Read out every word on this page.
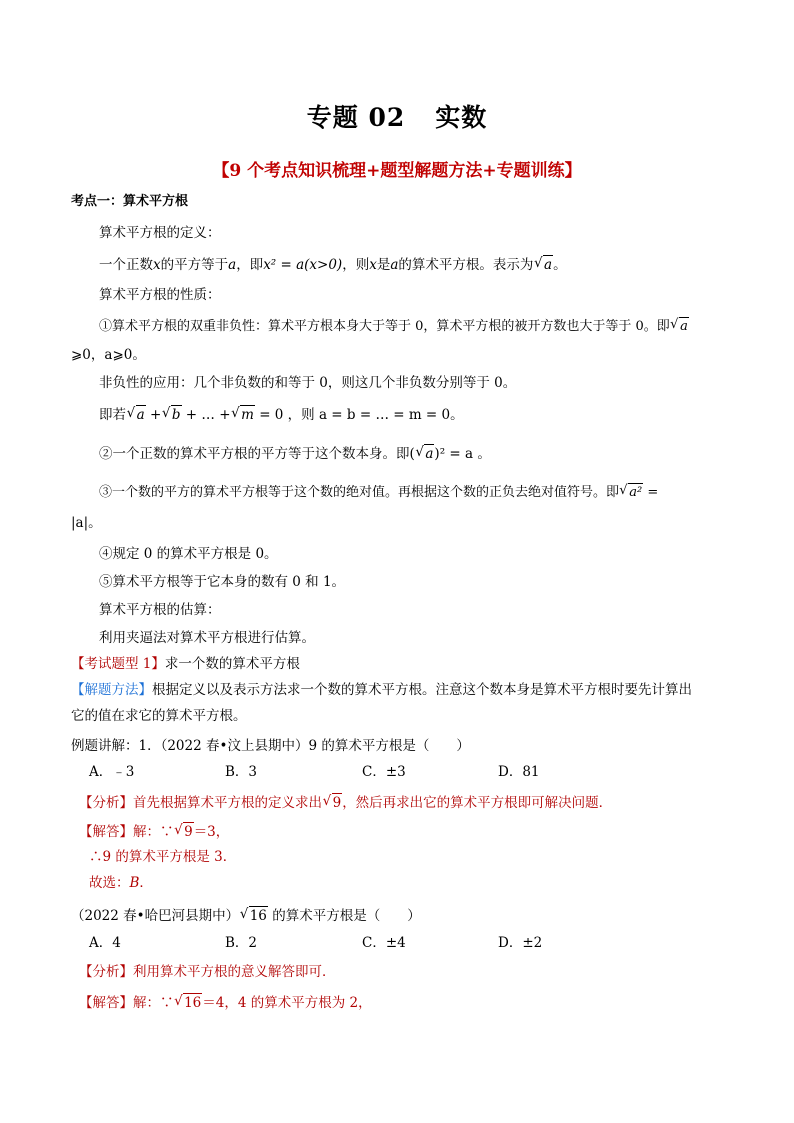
专题 02 实数
【9 个考点知识梳理+题型解题方法+专题训练】
考点一：算术平方根
算术平方根的定义：
一个正数x的平方等于a，即x² = a(x>0)，则x是a的算术平方根。表示为 √ a。
算术平方根的性质：
①算术平方根的双重非负性：算术平方根本身大于等于 0，算术平方根的被开方数也大于等于 0。即 √ a
⩾0，a⩾0。
非负性的应用：几个非负数的和等于 0，则这几个非负数分别等于 0。
即若 √ a +  √ b + … +  √ m = 0 ，则 a = b = … = m = 0。
②一个正数的算术平方根的平方等于这个数本身。即(  √ a)² = a 。
③一个数的平方的算术平方根等于这个数的绝对值。再根据这个数的正负去绝对值符号。即 √ a² =
|a|。
④规定 0 的算术平方根是 0。
⑤算术平方根等于它本身的数有 0 和 1。
算术平方根的估算：
利用夹逼法对算术平方根进行估算。
【考试题型 1】求一个数的算术平方根
【解题方法】根据定义以及表示方法求一个数的算术平方根。注意这个数本身是算术平方根时要先计算出
它的值在求它的算术平方根。
例题讲解：1．（2022 春•汶上县期中）9 的算术平方根是（　　）
A．﹣3	B．3	C．±3	D．81
【分析】首先根据算术平方根的定义求出 √ 9，然后再求出它的算术平方根即可解决问题．
【解答】解：∵ √ 9＝3，
∴9 的算术平方根是 3．
故选：B．
（2022 春•哈巴河县期中） √ 16 的算术平方根是（　　）
A．4	B．2	C．±4	D．±2
【分析】利用算术平方根的意义解答即可．
【解答】解：∵ √ 16＝4，4 的算术平方根为 2，
